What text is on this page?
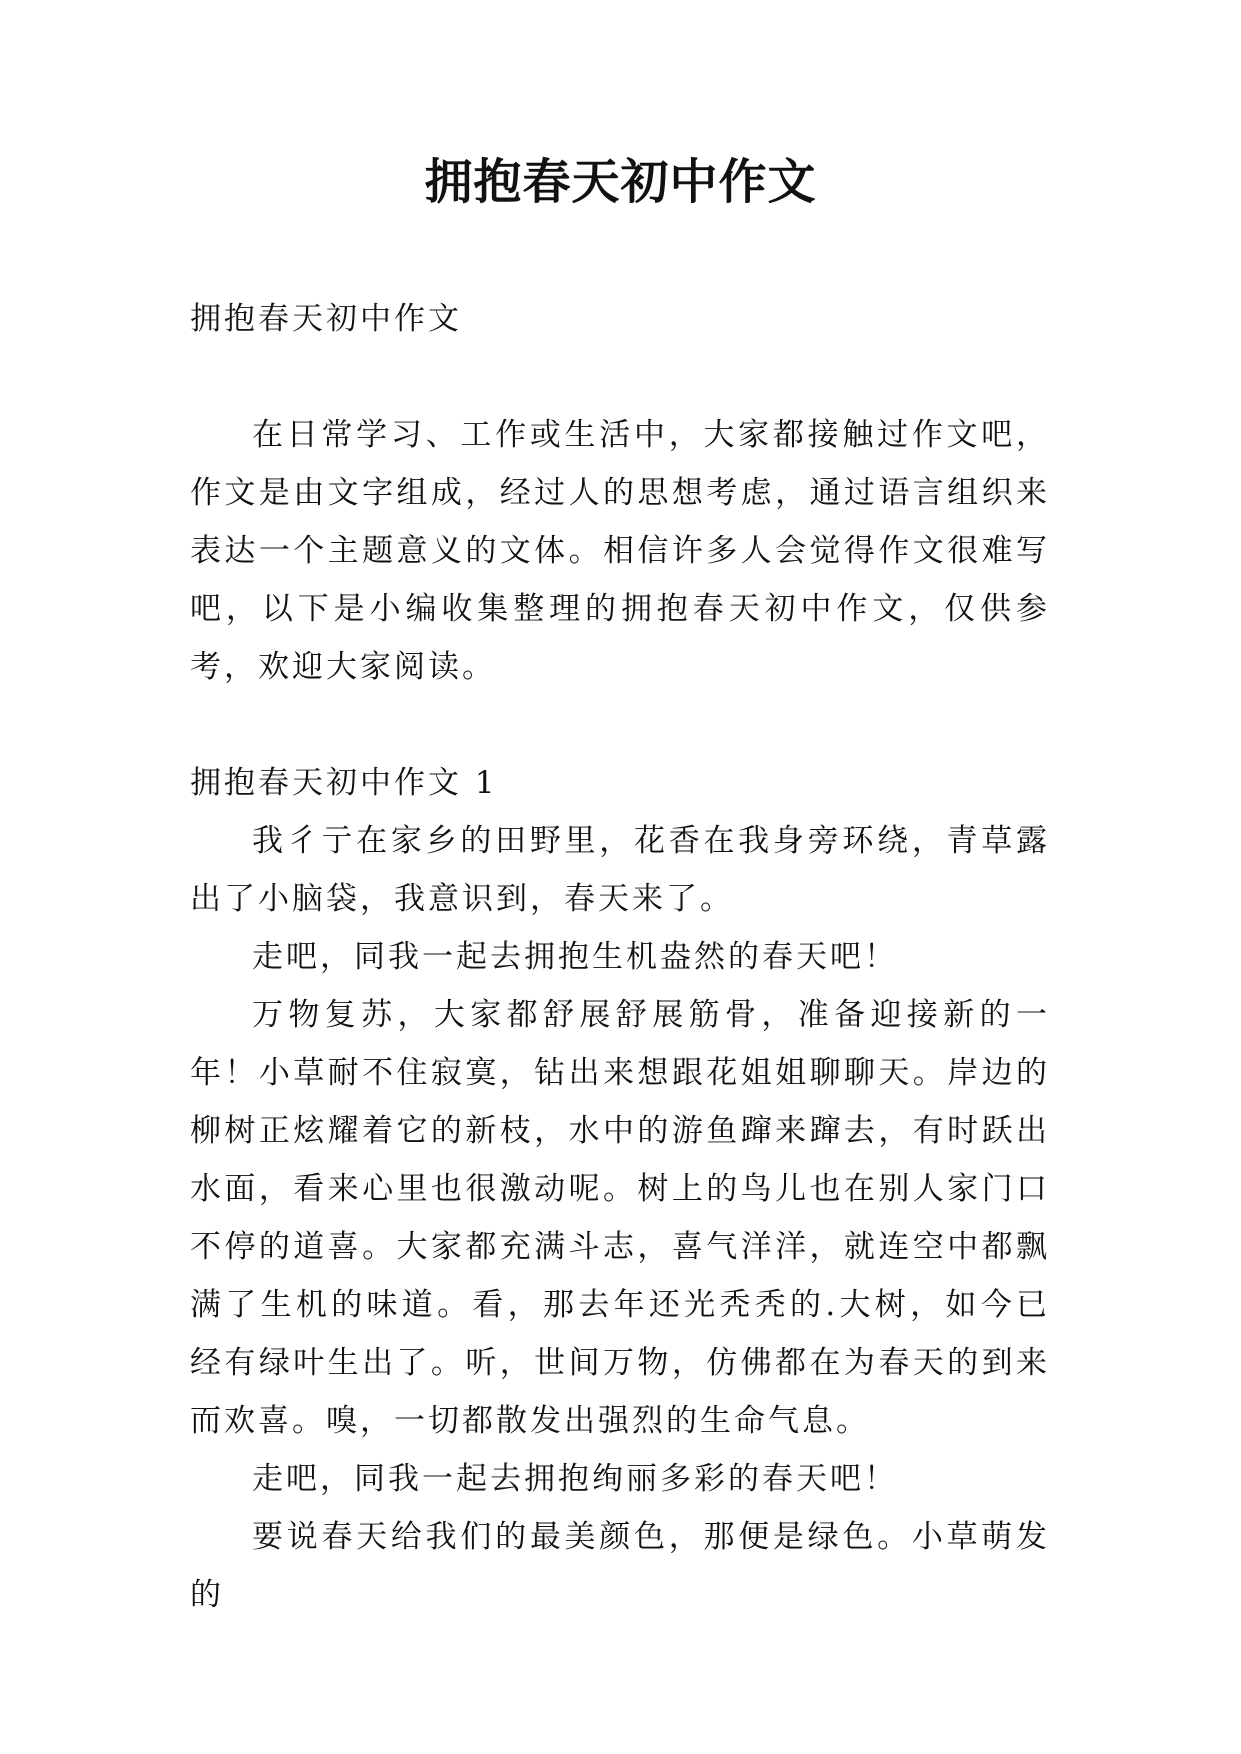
拥抱春天初中作文

拥抱春天初中作文

在日常学习、工作或生活中，大家都接触过作文吧，作文是由文字组成，经过人的思想考虑，通过语言组织来表达一个主题意义的文体。相信许多人会觉得作文很难写吧，以下是小编收集整理的拥抱春天初中作文，仅供参考，欢迎大家阅读。

拥抱春天初中作文 1

我彳亍在家乡的田野里，花香在我身旁环绕，青草露出了小脑袋，我意识到，春天来了。

走吧，同我一起去拥抱生机盎然的春天吧！

万物复苏，大家都舒展舒展筋骨，准备迎接新的一年！小草耐不住寂寞，钻出来想跟花姐姐聊聊天。岸边的柳树正炫耀着它的新枝，水中的游鱼蹿来蹿去，有时跃出水面，看来心里也很激动呢。树上的鸟儿也在别人家门口不停的道喜。大家都充满斗志，喜气洋洋，就连空中都飘满了生机的味道。看，那去年还光秃秃的.大树，如今已经有绿叶生出了。听，世间万物，仿佛都在为春天的到来而欢喜。嗅，一切都散发出强烈的生命气息。

走吧，同我一起去拥抱绚丽多彩的春天吧！

要说春天给我们的最美颜色，那便是绿色。小草萌发的
